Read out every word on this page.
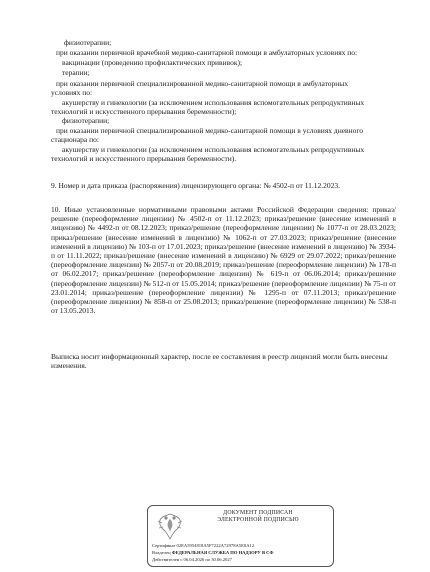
физиотерапии;
при оказании первичной врачебной медико-санитарной помощи в амбулаторных условиях по:
вакцинации (проведению профилактических прививок);
терапии;
при оказании первичной специализированной медико-санитарной помощи в амбулаторных
условиях по:
акушерству и гинекологии (за исключением использования вспомогательных репродуктивных
технологий и искусственного прерывания беременности);
физиотерапии;
при оказании первичной специализированной медико-санитарной помощи в условиях дневного
стационара по:
акушерству и гинекологии (за исключением использования вспомогательных репродуктивных
технологий и искусственного прерывания беременности).
9. Номер и дата приказа (распоряжения) лицензирующего органа: № 4502-п от 11.12.2023.
10. Иные установленные нормативными правовыми актами Российской Федерации сведения: приказ/решение (переоформление лицензии) № 4502-п от 11.12.2023; приказ/решение (внесение изменений в лицензию) № 4492-п от 08.12.2023; приказ/решение (переоформление лицензии) № 1077-п от 28.03.2023; приказ/решение (внесение изменений в лицензию) № 1062-п от 27.03.2023; приказ/решение (внесение изменений в лицензию) № 103-п от 17.01.2023; приказ/решение (внесение изменений в лицензию) № 3934-п от 11.11.2022; приказ/решение (внесение изменений в лицензию) № 6929 от 29.07.2022; приказ/решение (переоформление лицензии) № 2057-п от 20.08.2019; приказ/решение (переоформление лицензии) № 178-п от 06.02.2017; приказ/решение (переоформление лицензии) № 619-п от 06.06.2014; приказ/решение (переоформление лицензии) № 512-п от 15.05.2014; приказ/решение (переоформление лицензии) № 75-п от 23.01.2014; приказ/решение (переоформление лицензии) № 1295-п от 07.11.2013; приказ/решение (переоформление лицензии) № 858-п от 25.08.2013; приказ/решение (переоформление лицензии) № 538-п от 13.05.2013.
Выписка носит информационный характер, после ее составления в реестр лицензий могли быть внесены изменения.
ДОКУМЕНТ ПОДПИСАН
ЭЛЕКТРОННОЙ ПОДПИСЬЮ
Сертификат 02EA5954818A5F7222A72978A5E0A12
Владелец ФЕДЕРАЛЬНАЯ СЛУЖБА ПО НАДЗОРУ В СФ
Действителен с 06.04.2026 по 30.06.2027
